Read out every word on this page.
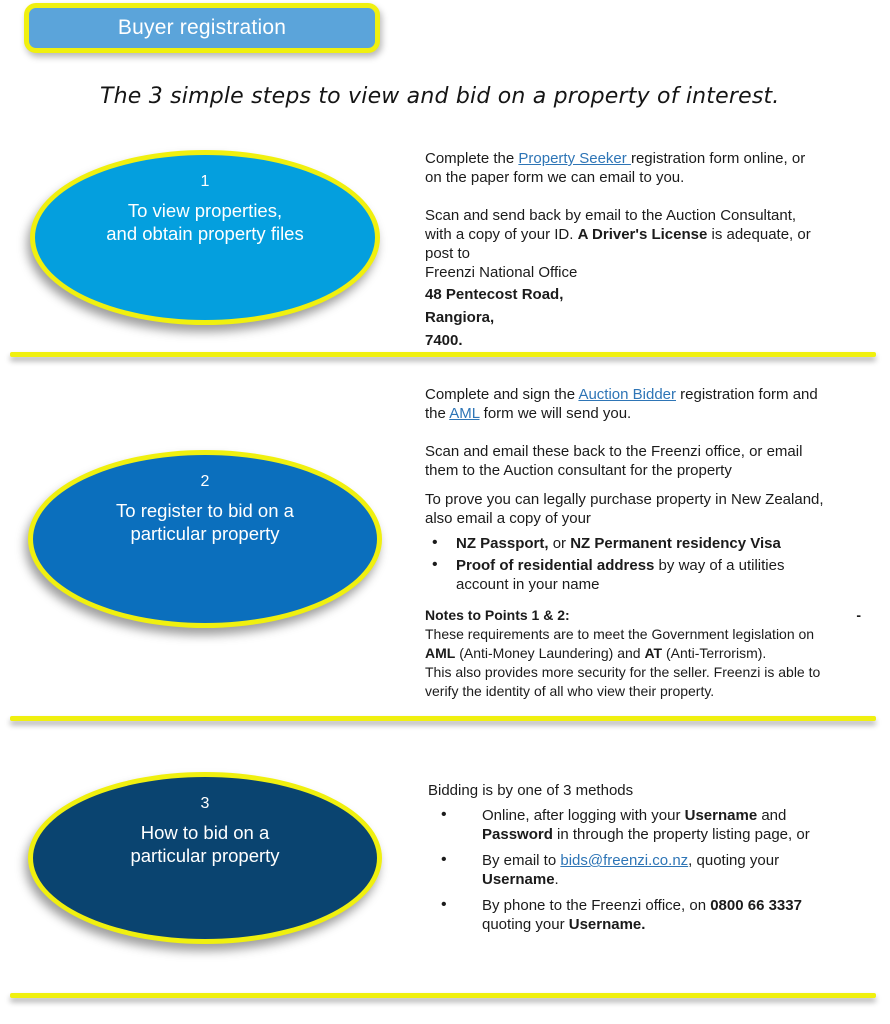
Buyer registration
The 3 simple steps to view and bid on a property of interest.
1
To view properties,
and obtain property files

Complete the Property Seeker registration form online, or
on the paper form we can email to you.

Scan and send back by email to the Auction Consultant,
with a copy of your ID. A Driver's License is adequate, or
post to
Freenzi National Office

48 Pentecost Road,
Rangiora,
7400.
2
To register to bid on a
particular property

Complete and sign the Auction Bidder registration form and
the AML form we will send you.

Scan and email these back to the Freenzi office, or email
them to the Auction consultant for the property

To prove you can legally purchase property in New Zealand,
also email a copy of your

• NZ Passport, or NZ Permanent residency Visa
• Proof of residential address by way of a utilities
account in your name
Notes to Points 1 & 2:	-
These requirements are to meet the Government legislation on
AML (Anti-Money Laundering) and AT (Anti-Terrorism).
This also provides more security for the seller. Freenzi is able to
verify the identity of all who view their property.
3
How to bid on a
particular property

Bidding is by one of 3 methods

• Online, after logging with your Username and
Password in through the property listing page, or
• By email to bids@freenzi.co.nz, quoting your
Username.
• By phone to the Freenzi office, on 0800 66 3337
quoting your Username.
